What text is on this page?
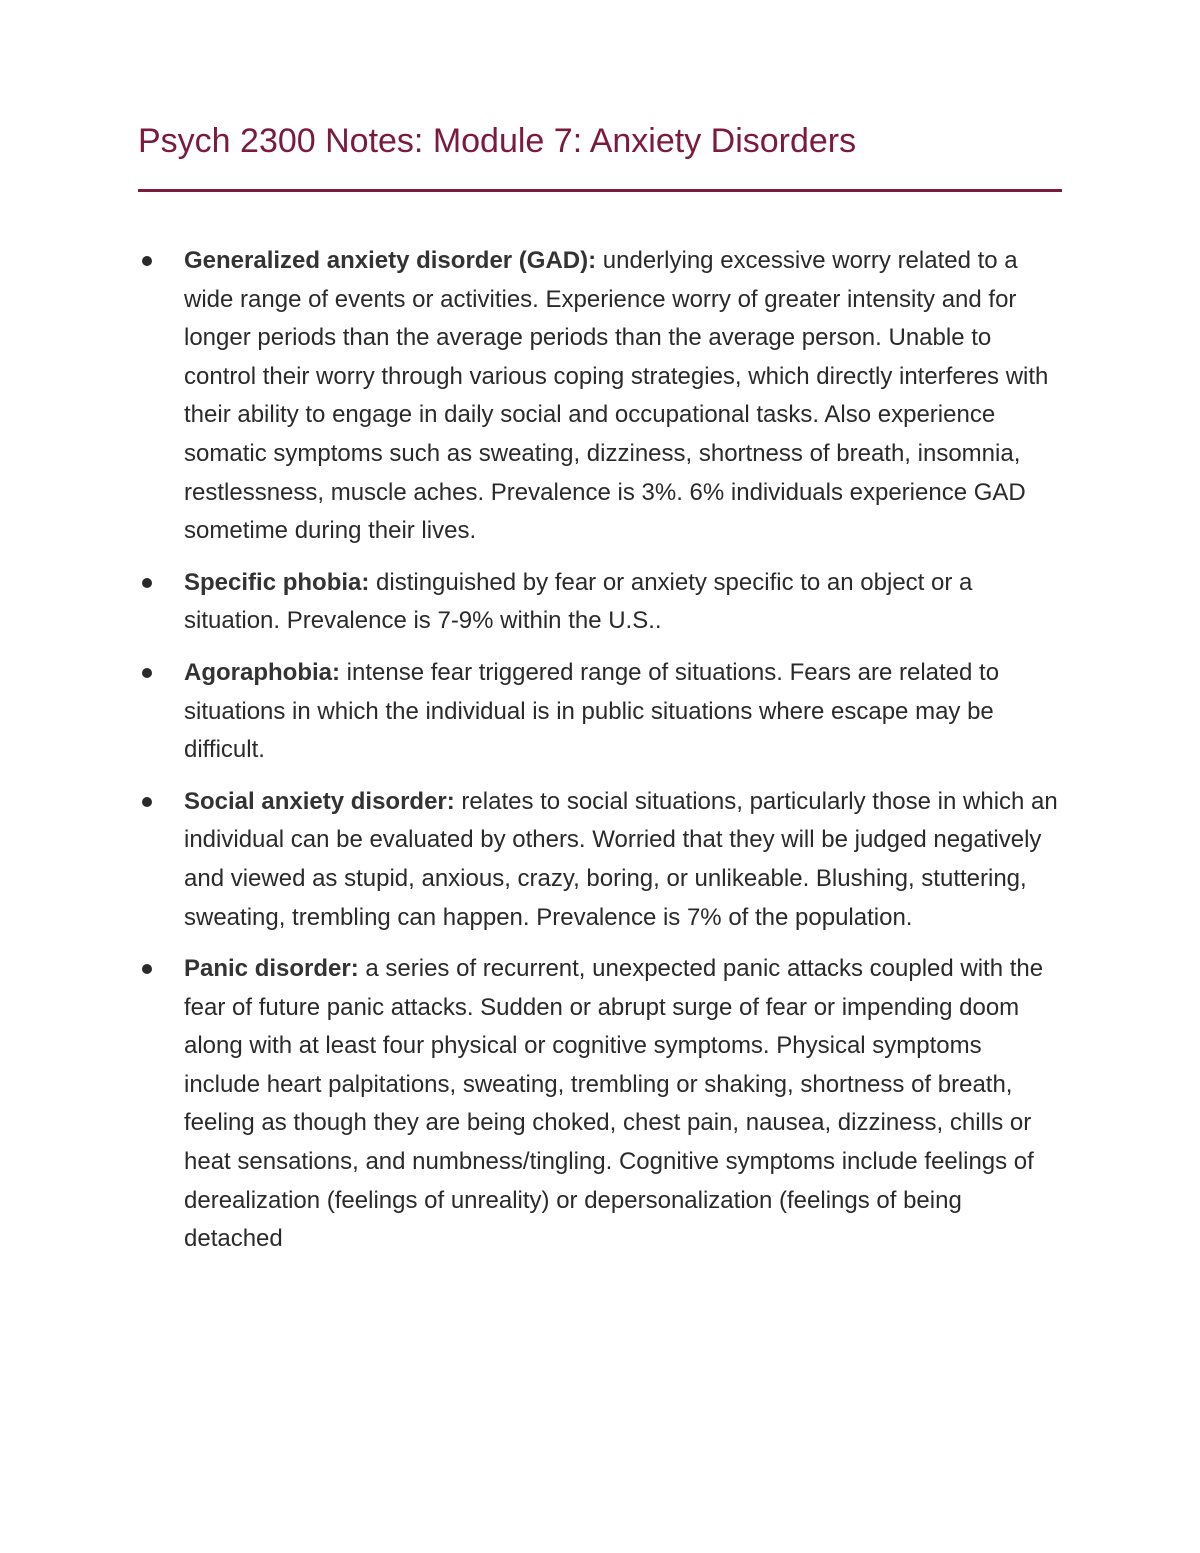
Psych 2300 Notes: Module 7: Anxiety Disorders
Generalized anxiety disorder (GAD): underlying excessive worry related to a wide range of events or activities. Experience worry of greater intensity and for longer periods than the average periods than the average person. Unable to control their worry through various coping strategies, which directly interferes with their ability to engage in daily social and occupational tasks. Also experience somatic symptoms such as sweating, dizziness, shortness of breath, insomnia, restlessness, muscle aches. Prevalence is 3%. 6% individuals experience GAD sometime during their lives.
Specific phobia: distinguished by fear or anxiety specific to an object or a situation. Prevalence is 7-9% within the U.S..
Agoraphobia: intense fear triggered range of situations. Fears are related to situations in which the individual is in public situations where escape may be difficult.
Social anxiety disorder: relates to social situations, particularly those in which an individual can be evaluated by others. Worried that they will be judged negatively and viewed as stupid, anxious, crazy, boring, or unlikeable. Blushing, stuttering, sweating, trembling can happen. Prevalence is 7% of the population.
Panic disorder: a series of recurrent, unexpected panic attacks coupled with the fear of future panic attacks. Sudden or abrupt surge of fear or impending doom along with at least four physical or cognitive symptoms. Physical symptoms include heart palpitations, sweating, trembling or shaking, shortness of breath, feeling as though they are being choked, chest pain, nausea, dizziness, chills or heat sensations, and numbness/tingling. Cognitive symptoms include feelings of derealization (feelings of unreality) or depersonalization (feelings of being detached
